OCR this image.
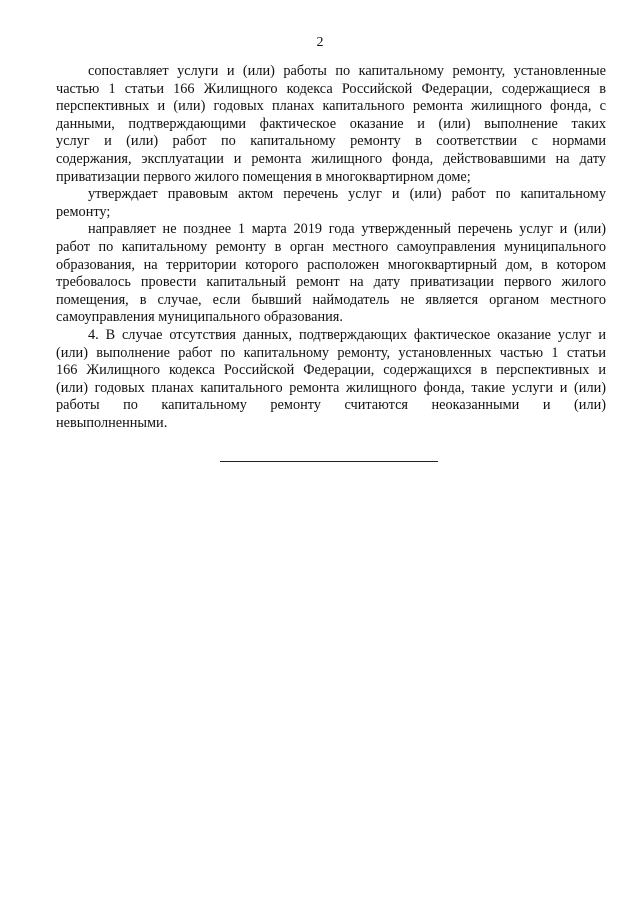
2

сопоставляет услуги и (или) работы по капитальному ремонту, установленные
частью 1 статьи 166 Жилищного кодекса Российской Федерации, содержащиеся в
перспективных и (или) годовых планах капитального ремонта жилищного фонда, с
данными, подтверждающими фактическое оказание и (или) выполнение таких
услуг и (или) работ по капитальному ремонту в соответствии с нормами
содержания, эксплуатации и ремонта жилищного фонда, действовавшими на дату
приватизации первого жилого помещения в многоквартирном доме;

утверждает правовым актом перечень услуг и (или) работ по капитальному
ремонту;

направляет не позднее 1 марта 2019 года утвержденный перечень услуг и (или)
работ по капитальному ремонту в орган местного самоуправления муниципального
образования, на территории которого расположен многоквартирный дом, в котором
требовалось провести капитальный ремонт на дату приватизации первого жилого
помещения, в случае, если бывший наймодатель не является органом местного
самоуправления муниципального образования.

4. В случае отсутствия данных, подтверждающих фактическое оказание услуг и
(или) выполнение работ по капитальному ремонту, установленных частью 1 статьи
166 Жилищного кодекса Российской Федерации, содержащихся в перспективных и
(или) годовых планах капитального ремонта жилищного фонда, такие услуги и (или)
работы по капитальному ремонту считаются неоказанными и (или)
невыполненными.
